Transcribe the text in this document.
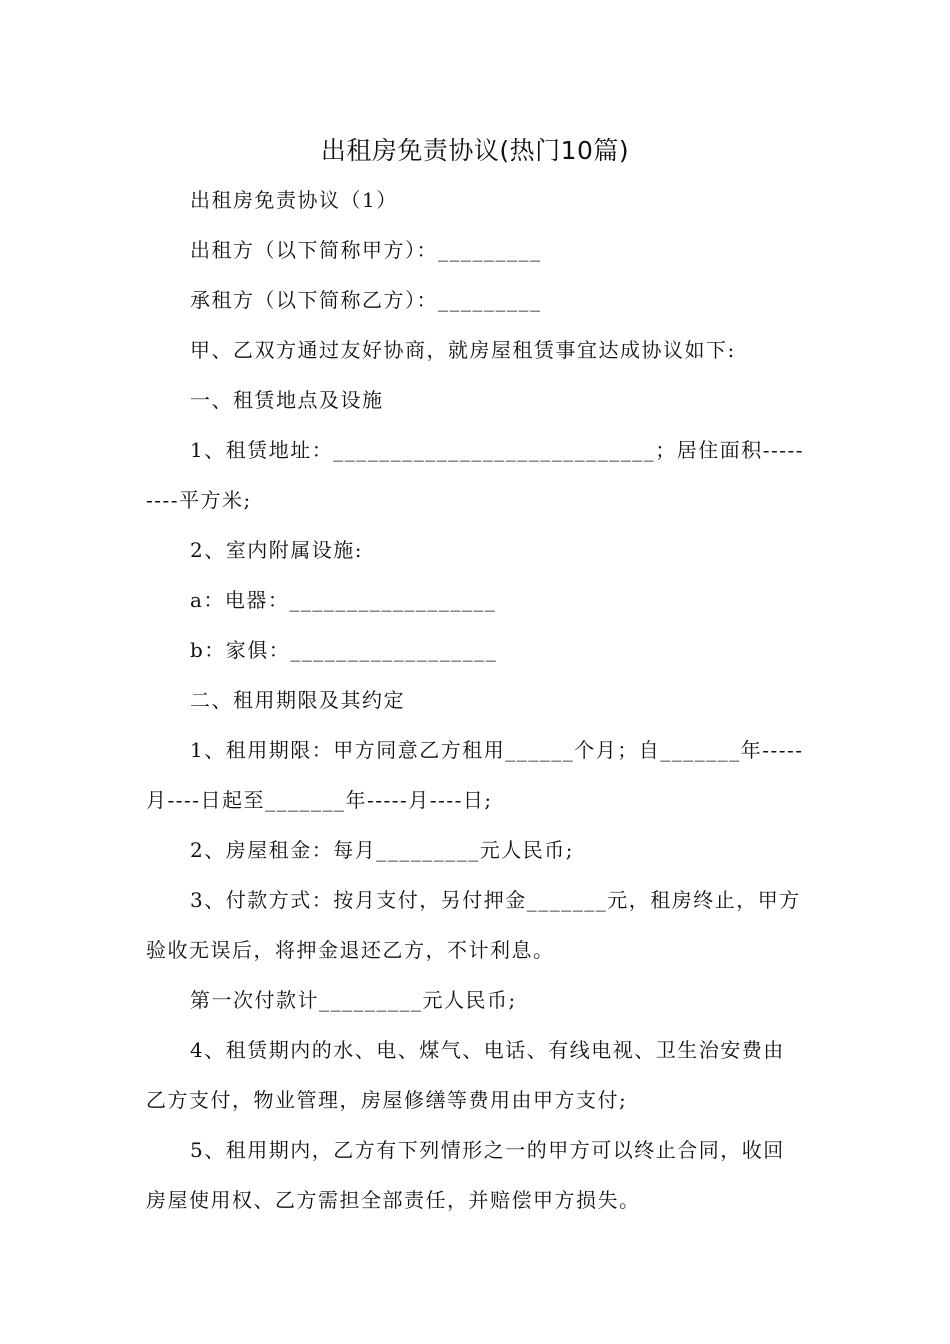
出租房免责协议(热门10篇)
出租房免责协议（1）
出租方（以下简称甲方）：_________
承租方（以下简称乙方）：_________
甲、乙双方通过友好协商，就房屋租赁事宜达成协议如下:
一、租赁地点及设施
1、租赁地址：____________________________；居住面积---------平方米;
2、室内附属设施:
a：电器：__________________
b：家俱：__________________
二、租用期限及其约定
1、租用期限：甲方同意乙方租用______个月；自_______年-----月----日起至_______年-----月----日;
2、房屋租金：每月_________元人民币;
3、付款方式：按月支付，另付押金_______元，租房终止，甲方验收无误后，将押金退还乙方，不计利息。
第一次付款计_________元人民币;
4、租赁期内的水、电、煤气、电话、有线电视、卫生治安费由乙方支付，物业管理，房屋修缮等费用由甲方支付;
5、租用期内，乙方有下列情形之一的甲方可以终止合同，收回房屋使用权、乙方需担全部责任，并赔偿甲方损失。
